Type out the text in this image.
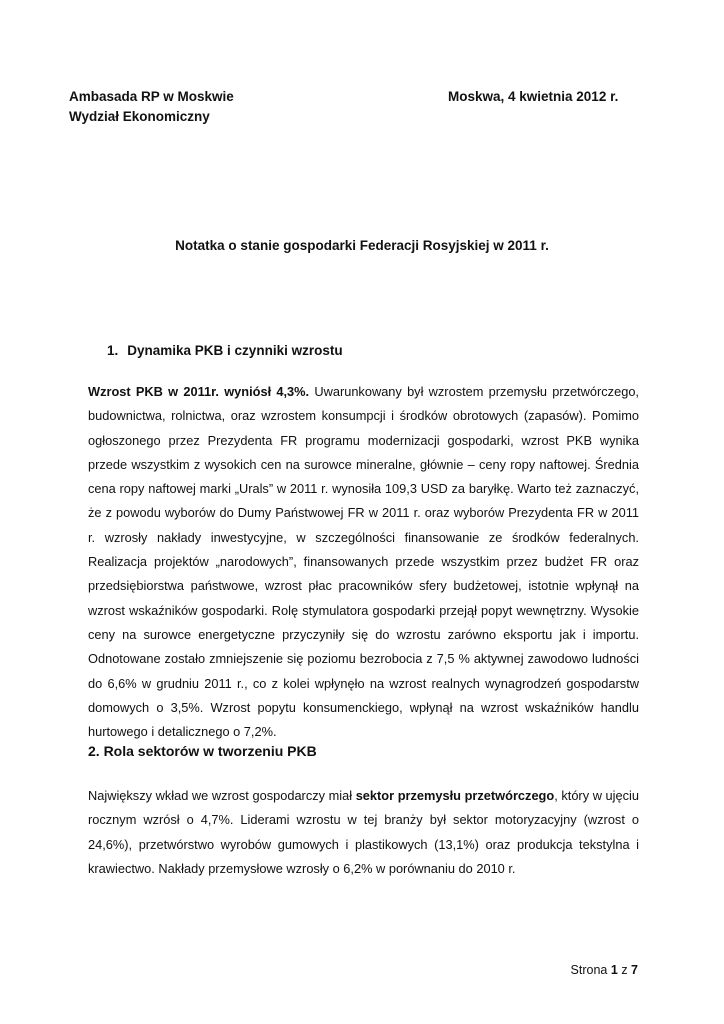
Ambasada RP w Moskwie
Wydział Ekonomiczny
Moskwa, 4 kwietnia 2012 r.
Notatka o stanie gospodarki Federacji Rosyjskiej w 2011 r.
1. Dynamika PKB i czynniki wzrostu

Wzrost PKB w 2011r. wyniósł 4,3%. Uwarunkowany był wzrostem przemysłu przetwórczego, budownictwa, rolnictwa, oraz wzrostem konsumpcji i środków obrotowych (zapasów). Pomimo ogłoszonego przez Prezydenta FR programu modernizacji gospodarki, wzrost PKB wynika przede wszystkim z wysokich cen na surowce mineralne, głównie – ceny ropy naftowej. Średnia cena ropy naftowej marki „Urals” w 2011 r. wynosiła 109,3 USD za baryłkę. Warto też zaznaczyć, że z powodu wyborów do Dumy Państwowej FR w 2011 r. oraz wyborów Prezydenta FR w 2011 r. wzrosły nakłady inwestycyjne, w szczególności finansowanie ze środków federalnych. Realizacja projektów „narodowych”, finansowanych przede wszystkim przez budżet FR oraz przedsiębiorstwa państwowe, wzrost płac pracowników sfery budżetowej, istotnie wpłynął na wzrost wskaźników gospodarki. Rolę stymulatora gospodarki przejął popyt wewnętrzny. Wysokie ceny na surowce energetyczne przyczyniły się do wzrostu zarówno eksportu jak i importu. Odnotowane zostało zmniejszenie się poziomu bezrobocia z 7,5 % aktywnej zawodowo ludności do 6,6% w grudniu 2011 r., co z kolei wpłynęło na wzrost realnych wynagrodzeń gospodarstw domowych o 3,5%. Wzrost popytu konsumenckiego, wpłynął na wzrost wskaźników handlu hurtowego i detalicznego o 7,2%.

2. Rola sektorów w tworzeniu PKB

Największy wkład we wzrost gospodarczy miał sektor przemysłu przetwórczego, który w ujęciu rocznym wzrósł o 4,7%. Liderami wzrostu w tej branży był sektor motoryzacyjny (wzrost o 24,6%), przetwórstwo wyrobów gumowych i plastikowych (13,1%) oraz produkcja tekstylna i krawiectwo. Nakłady przemysłowe wzrosły o 6,2% w porównaniu do 2010 r.

Strona 1 z 7
